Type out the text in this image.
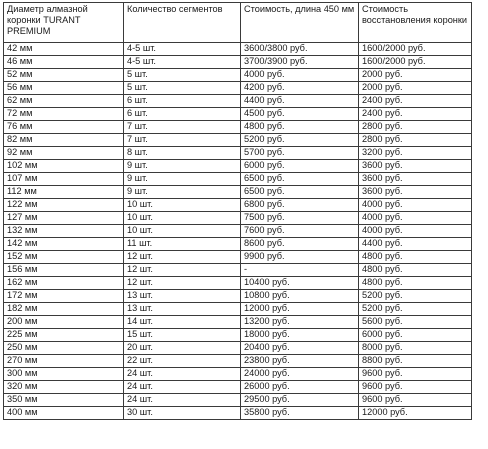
Диаметр алмазной коронки TURANT PREMIUM	Количество сегментов	Стоимость, длина 450 мм	Стоимость восстановления коронки
42 мм	4-5 шт.	3600/3800 руб.	1600/2000 руб.
46 мм	4-5 шт.	3700/3900 руб.	1600/2000 руб.
52 мм	5 шт.	4000 руб.	2000 руб.
56 мм	5 шт.	4200 руб.	2000 руб.
62 мм	6 шт.	4400 руб.	2400 руб.
72 мм	6 шт.	4500 руб.	2400 руб.
76 мм	7 шт.	4800 руб.	2800 руб.
82 мм	7 шт.	5200 руб.	2800 руб.
92 мм	8 шт.	5700 руб.	3200 руб.
102 мм	9 шт.	6000 руб.	3600 руб.
107 мм	9 шт.	6500 руб.	3600 руб.
112 мм	9 шт.	6500 руб.	3600 руб.
122 мм	10 шт.	6800 руб.	4000 руб.
127 мм	10 шт.	7500 руб.	4000 руб.
132 мм	10 шт.	7600 руб.	4000 руб.
142 мм	11 шт.	8600 руб.	4400 руб.
152 мм	12 шт.	9900 руб.	4800 руб.
156 мм	12 шт.	-	4800 руб.
162 мм	12 шт.	10400 руб.	4800 руб.
172 мм	13 шт.	10800 руб.	5200 руб.
182 мм	13 шт.	12000 руб.	5200 руб.
200 мм	14 шт.	13200 руб.	5600 руб.
225 мм	15 шт.	18000 руб.	6000 руб.
250 мм	20 шт.	20400 руб.	8000 руб.
270 мм	22 шт.	23800 руб.	8800 руб.
300 мм	24 шт.	24000 руб.	9600 руб.
320 мм	24 шт.	26000 руб.	9600 руб.
350 мм	24 шт.	29500 руб.	9600 руб.
400 мм	30 шт.	35800 руб.	12000 руб.
